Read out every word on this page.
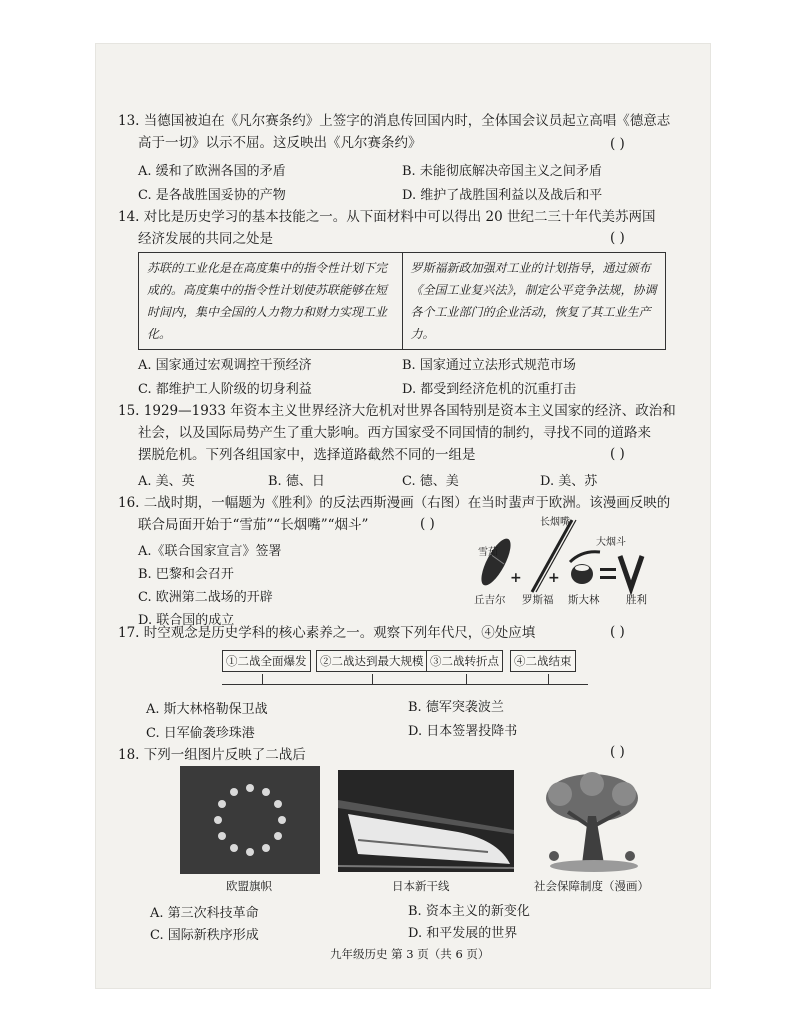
13. 当德国被迫在《凡尔赛条约》上签字的消息传回国内时，全体国会议员起立高唱《德意志
高于一切》以示不屈。这反映出《凡尔赛条约》	( )
A. 缓和了欧洲各国的矛盾	B. 未能彻底解决帝国主义之间矛盾
C. 是各战胜国妥协的产物	D. 维护了战胜国利益以及战后和平
14. 对比是历史学习的基本技能之一。从下面材料中可以得出 20 世纪二三十年代美苏两国
经济发展的共同之处是	( )
苏联的工业化是在高度集中的指令性计划下完成的。高度集中的指令性计划使苏联能够在短时间内，集中全国的人力物力和财力实现工业化。
罗斯福新政加强对工业的计划指导，通过颁布《全国工业复兴法》，制定公平竞争法规，协调各个工业部门的企业活动，恢复了其工业生产力。
A. 国家通过宏观调控干预经济	B. 国家通过立法形式规范市场
C. 都维护工人阶级的切身利益	D. 都受到经济危机的沉重打击
15. 1929—1933 年资本主义世界经济大危机对世界各国特别是资本主义国家的经济、政治和
社会，以及国际局势产生了重大影响。西方国家受不同国情的制约，寻找不同的道路来
摆脱危机。下列各组国家中，选择道路截然不同的一组是	( )
A. 美、英	B. 德、日	C. 德、美	D. 美、苏
16. 二战时期，一幅题为《胜利》的反法西斯漫画（右图）在当时蜚声于欧洲。该漫画反映的
联合局面开始于“雪茄”“长烟嘴”“烟斗”	( )
A.《联合国家宣言》签署
B. 巴黎和会召开
C. 欧洲第二战场的开辟
D. 联合国的成立
+ +
雪茄
长烟嘴
大烟斗
丘吉尔 罗斯福 斯大林	胜利
17. 时空观念是历史学科的核心素养之一。观察下列年代尺，④处应填	( )
①二战全面爆发	②二战达到最大规模 ③二战转折点	④二战结束
A. 斯大林格勒保卫战	B. 德军突袭波兰
C. 日军偷袭珍珠港	D. 日本签署投降书
18. 下列一组图片反映了二战后	( )
欧盟旗帜	日本新干线	社会保障制度（漫画）
A. 第三次科技革命	B. 资本主义的新变化
C. 国际新秩序形成	D. 和平发展的世界
九年级历史 第 3 页（共 6 页）
